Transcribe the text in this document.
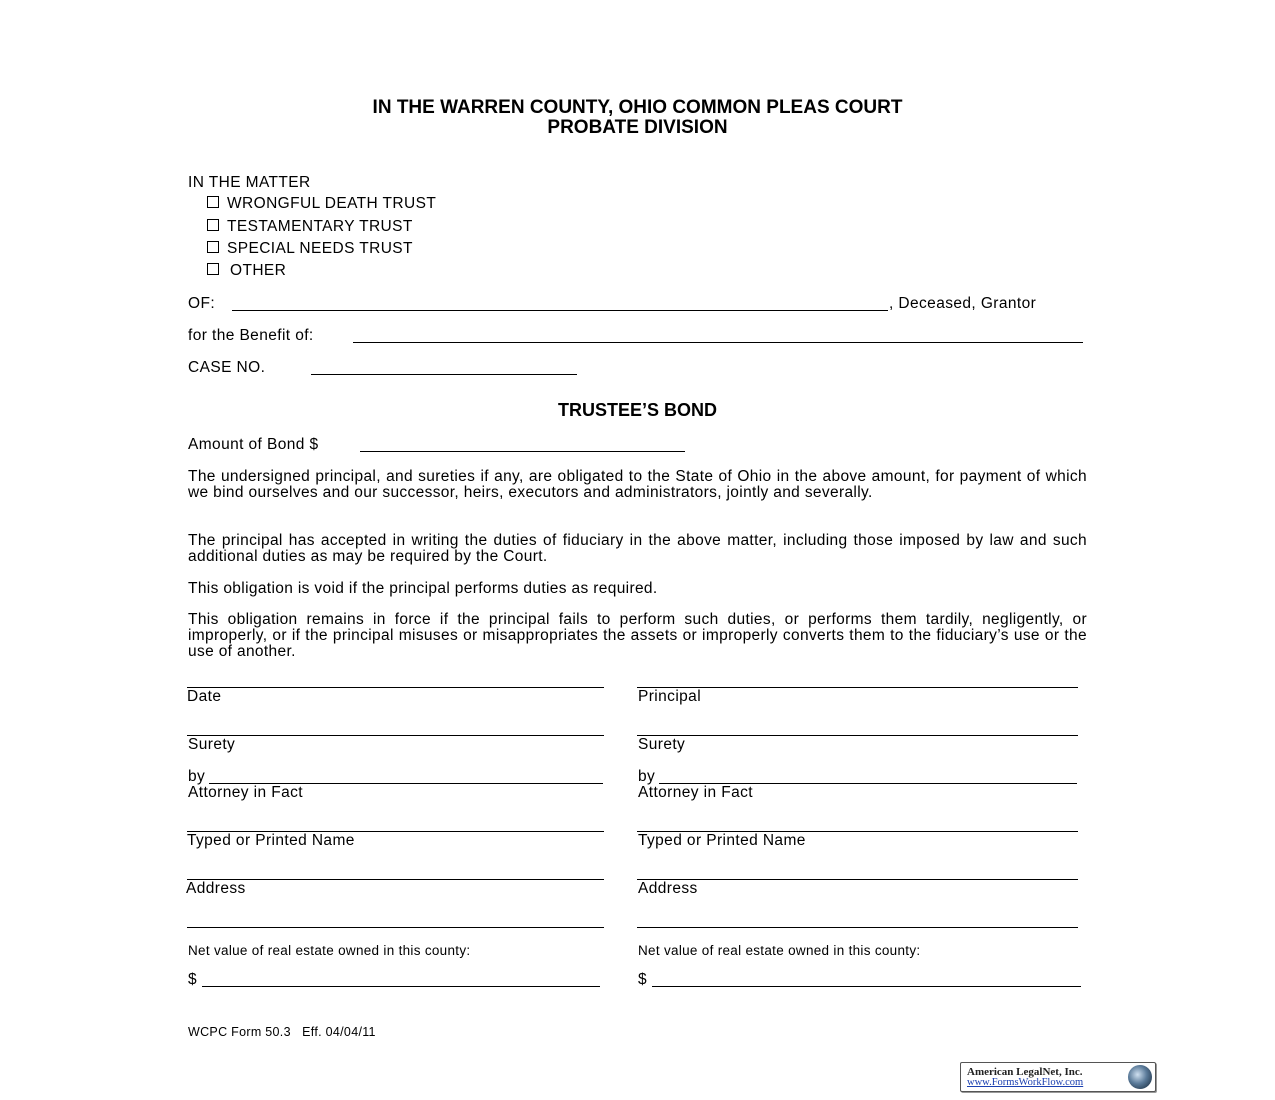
IN THE WARREN COUNTY, OHIO COMMON PLEAS COURT
PROBATE DIVISION
IN THE MATTER
WRONGFUL DEATH TRUST
TESTAMENTARY TRUST
SPECIAL NEEDS TRUST
OTHER
OF:	, Deceased, Grantor
for the Benefit of:
CASE NO.
TRUSTEE’S BOND
Amount of Bond $
The undersigned principal, and sureties if any, are obligated to the State of Ohio in the above amount, for payment of which we bind ourselves and our successor, heirs, executors and administrators, jointly and severally.
The principal has accepted in writing the duties of fiduciary in the above matter, including those imposed by law and such additional duties as may be required by the Court.
This obligation is void if the principal performs duties as required.
This obligation remains in force if the principal fails to perform such duties, or performs them tardily, negligently, or improperly, or if the principal misuses or misappropriates the assets or improperly converts them to the fiduciary’s use or the use of another.
Date
Surety
by
Attorney in Fact
Typed or Printed Name
Address
Net value of real estate owned in this county:
$
Principal
Surety
by
Attorney in Fact
Typed or Printed Name
Address
Net value of real estate owned in this county:
$
WCPC Form 50.3 Eff. 04/04/11
American LegalNet, Inc.
www.FormsWorkFlow.com
